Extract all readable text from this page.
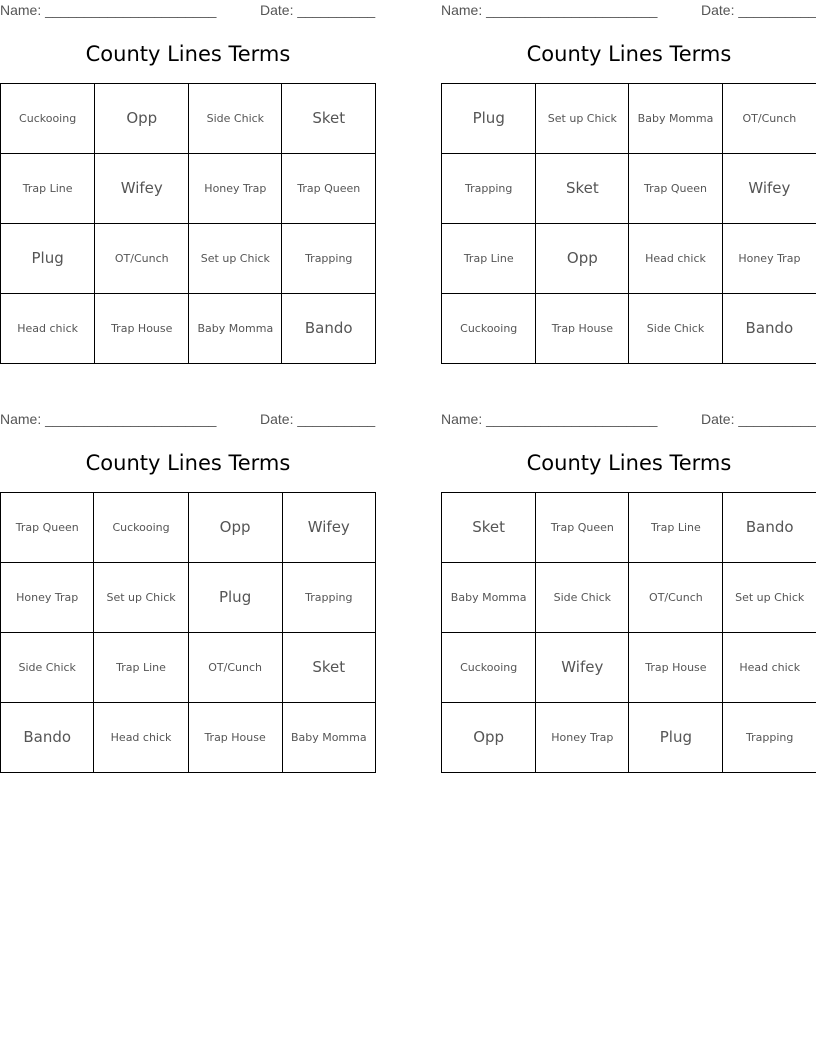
Name: ______________________	Date: __________
County Lines Terms
Cuckooing	Opp	Side Chick	Sket
Trap Line	Wifey	Honey Trap	Trap Queen
Plug	OT/Cunch	Set up Chick	Trapping
Head chick	Trap House	Baby Momma	Bando
Name: ______________________	Date: __________
County Lines Terms
Plug	Set up Chick	Baby Momma	OT/Cunch
Trapping	Sket	Trap Queen	Wifey
Trap Line	Opp	Head chick	Honey Trap
Cuckooing	Trap House	Side Chick	Bando
Name: ______________________	Date: __________
County Lines Terms
Trap Queen	Cuckooing	Opp	Wifey
Honey Trap	Set up Chick	Plug	Trapping
Side Chick	Trap Line	OT/Cunch	Sket
Bando	Head chick	Trap House	Baby Momma
Name: ______________________	Date: __________
County Lines Terms
Sket	Trap Queen	Trap Line	Bando
Baby Momma	Side Chick	OT/Cunch	Set up Chick
Cuckooing	Wifey	Trap House	Head chick
Opp	Honey Trap	Plug	Trapping
